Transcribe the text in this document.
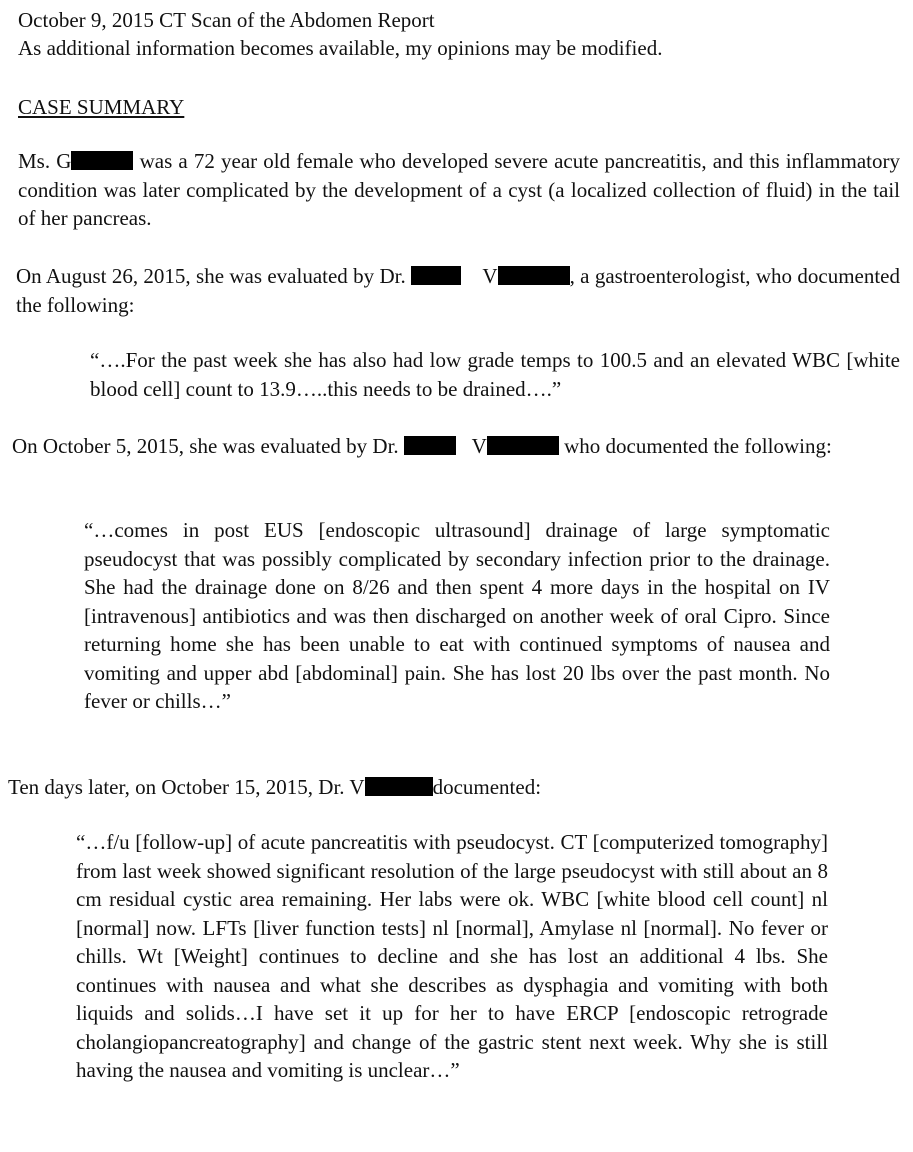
October 9, 2015 CT Scan of the Abdomen Report

As additional information becomes available, my opinions may be modified.

CASE SUMMARY

Ms. G	was a 72 year old female who developed severe acute pancreatitis, and this inflammatory condition was later complicated by the development of a cyst (a localized collection of fluid) in the tail of her pancreas.

On August 26, 2015, she was evaluated by Dr.	V	, a gastroenterologist, who documented the following:

“….For the past week she has also had low grade temps to 100.5 and an elevated WBC [white blood cell] count to 13.9…..this needs to be drained….”

On October 5, 2015, she was evaluated by Dr.	V	who documented the following:

“…comes in post EUS [endoscopic ultrasound] drainage of large symptomatic pseudocyst that was possibly complicated by secondary infection prior to the drainage. She had the drainage done on 8/26 and then spent 4 more days in the hospital on IV [intravenous] antibiotics and was then discharged on another week of oral Cipro. Since returning home she has been unable to eat with continued symptoms of nausea and vomiting and upper abd [abdominal] pain. She has lost 20 lbs over the past month. No fever or chills…”

Ten days later, on October 15, 2015, Dr. V	documented:

“…f/u [follow-up] of acute pancreatitis with pseudocyst. CT [computerized tomography] from last week showed significant resolution of the large pseudocyst with still about an 8 cm residual cystic area remaining. Her labs were ok. WBC [white blood cell count] nl [normal] now. LFTs [liver function tests] nl [normal], Amylase nl [normal]. No fever or chills. Wt [Weight] continues to decline and she has lost an additional 4 lbs. She continues with nausea and what she describes as dysphagia and vomiting with both liquids and solids…I have set it up for her to have ERCP [endoscopic retrograde cholangiopancreatography] and change of the gastric stent next week. Why she is still having the nausea and vomiting is unclear…”
